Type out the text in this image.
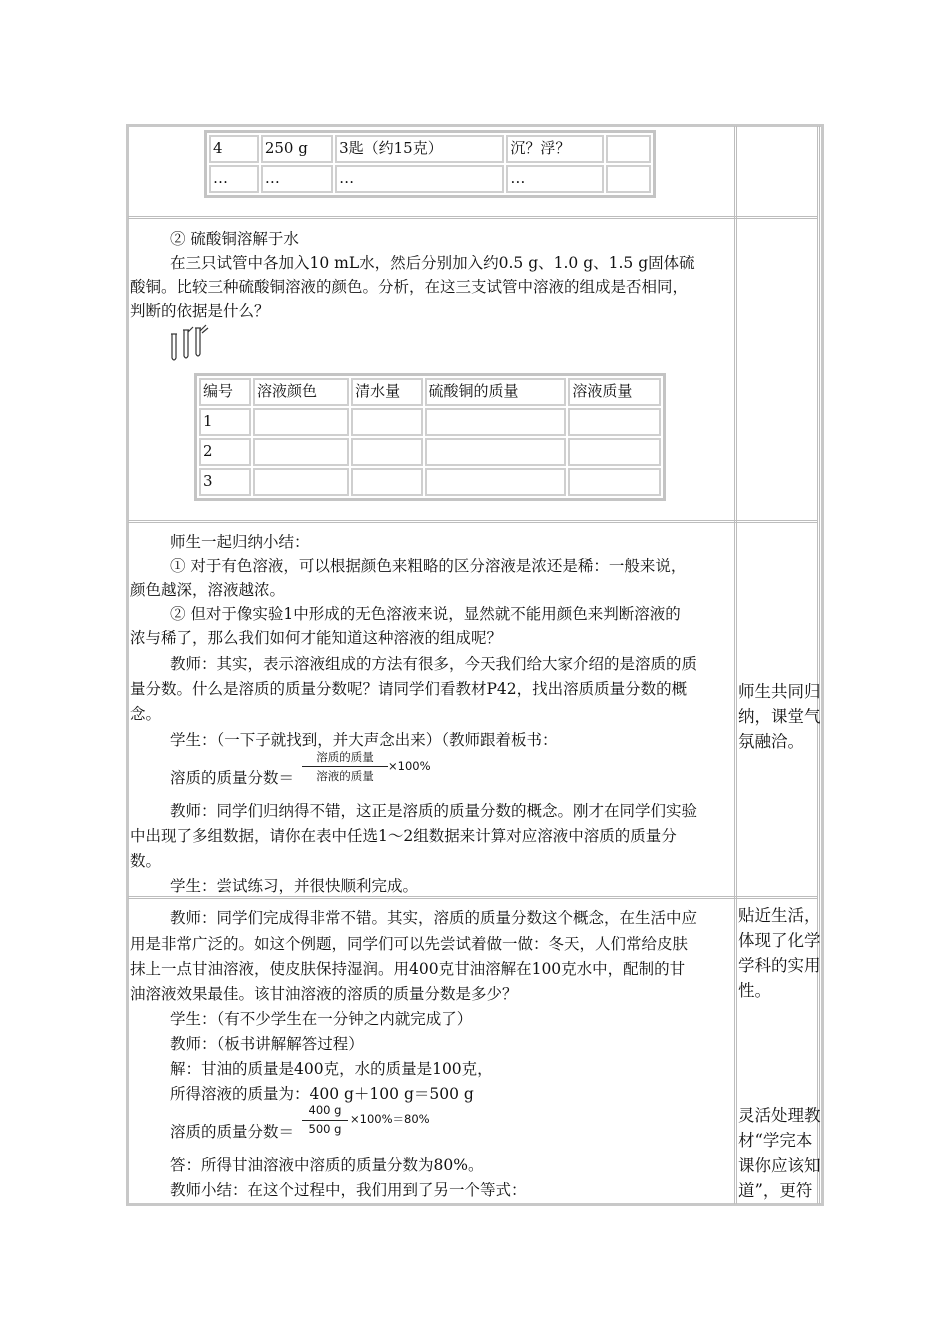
4	250 g	3匙（约15克）	沉？浮？	
…	…	…	…	
② 硫酸铜溶解于水
在三只试管中各加入10 mL水，然后分别加入约0.5 g、1.0 g、1.5 g固体硫
酸铜。比较三种硫酸铜溶液的颜色。分析，在这三支试管中溶液的组成是否相同，
判断的依据是什么？
编号	溶液颜色	清水量	硫酸铜的质量	溶液质量
1				
2				
3				
师生一起归纳小结：
① 对于有色溶液，可以根据颜色来粗略的区分溶液是浓还是稀：一般来说，
颜色越深，溶液越浓。
② 但对于像实验1中形成的无色溶液来说，显然就不能用颜色来判断溶液的
浓与稀了，那么我们如何才能知道这种溶液的组成呢？
教师：其实，表示溶液组成的方法有很多，今天我们给大家介绍的是溶质的质
量分数。什么是溶质的质量分数呢？请同学们看教材P42，找出溶质质量分数的概
念。
学生：（一下子就找到，并大声念出来）（教师跟着板书：
溶质的质量分数＝
溶质的质量
溶液的质量
×100%
教师：同学们归纳得不错，这正是溶质的质量分数的概念。刚才在同学们实验
中出现了多组数据，请你在表中任选1～2组数据来计算对应溶液中溶质的质量分
数。
学生：尝试练习，并很快顺利完成。
师生共同归
纳，课堂气
氛融洽。
教师：同学们完成得非常不错。其实，溶质的质量分数这个概念，在生活中应
用是非常广泛的。如这个例题，同学们可以先尝试着做一做：冬天，人们常给皮肤
抹上一点甘油溶液，使皮肤保持湿润。用400克甘油溶解在100克水中，配制的甘
油溶液效果最佳。该甘油溶液的溶质的质量分数是多少？
学生：（有不少学生在一分钟之内就完成了）
教师：（板书讲解解答过程）
解：甘油的质量是400克，水的质量是100克，
所得溶液的质量为：400 g＋100 g＝500 g
溶质的质量分数＝
400 g
500 g
×100%＝80%
答：所得甘油溶液中溶质的质量分数为80%。
教师小结：在这个过程中，我们用到了另一个等式：
贴近生活，
体现了化学
学科的实用
性。
灵活处理教
材“学完本
课你应该知
道”，更符
